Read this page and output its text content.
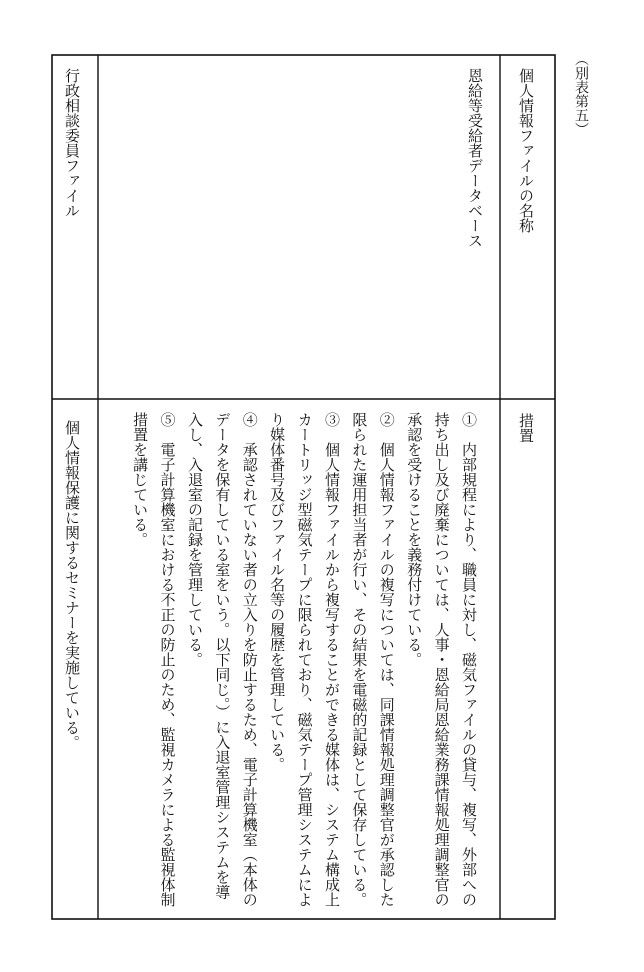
（別表第五）
個人情報ファイルの名称
措置
恩給等受給者データベース
①　内部規程により、職員に対し、磁気ファイルの貸与、複写、外部への持ち出し及び廃棄については、人事・恩給局恩給業務課情報処理調整官の承認を受けることを義務付けている。
②　個人情報ファイルの複写については、同課情報処理調整官が承認した限られた運用担当者が行い、その結果を電磁的記録として保存している。
③　個人情報ファイルから複写することができる媒体は、システム構成上カートリッジ型磁気テープに限られており、磁気テープ管理システムにより媒体番号及びファイル名等の履歴を管理している。
④　承認されていない者の立入りを防止するため、電子計算機室（本体のデータを保有している室をいう。以下同じ。）に入退室管理システムを導入し、入退室の記録を管理している。
⑤　電子計算機室における不正の防止のため、監視カメラによる監視体制措置を講じている。
行政相談委員ファイル
個人情報保護に関するセミナーを実施している。
